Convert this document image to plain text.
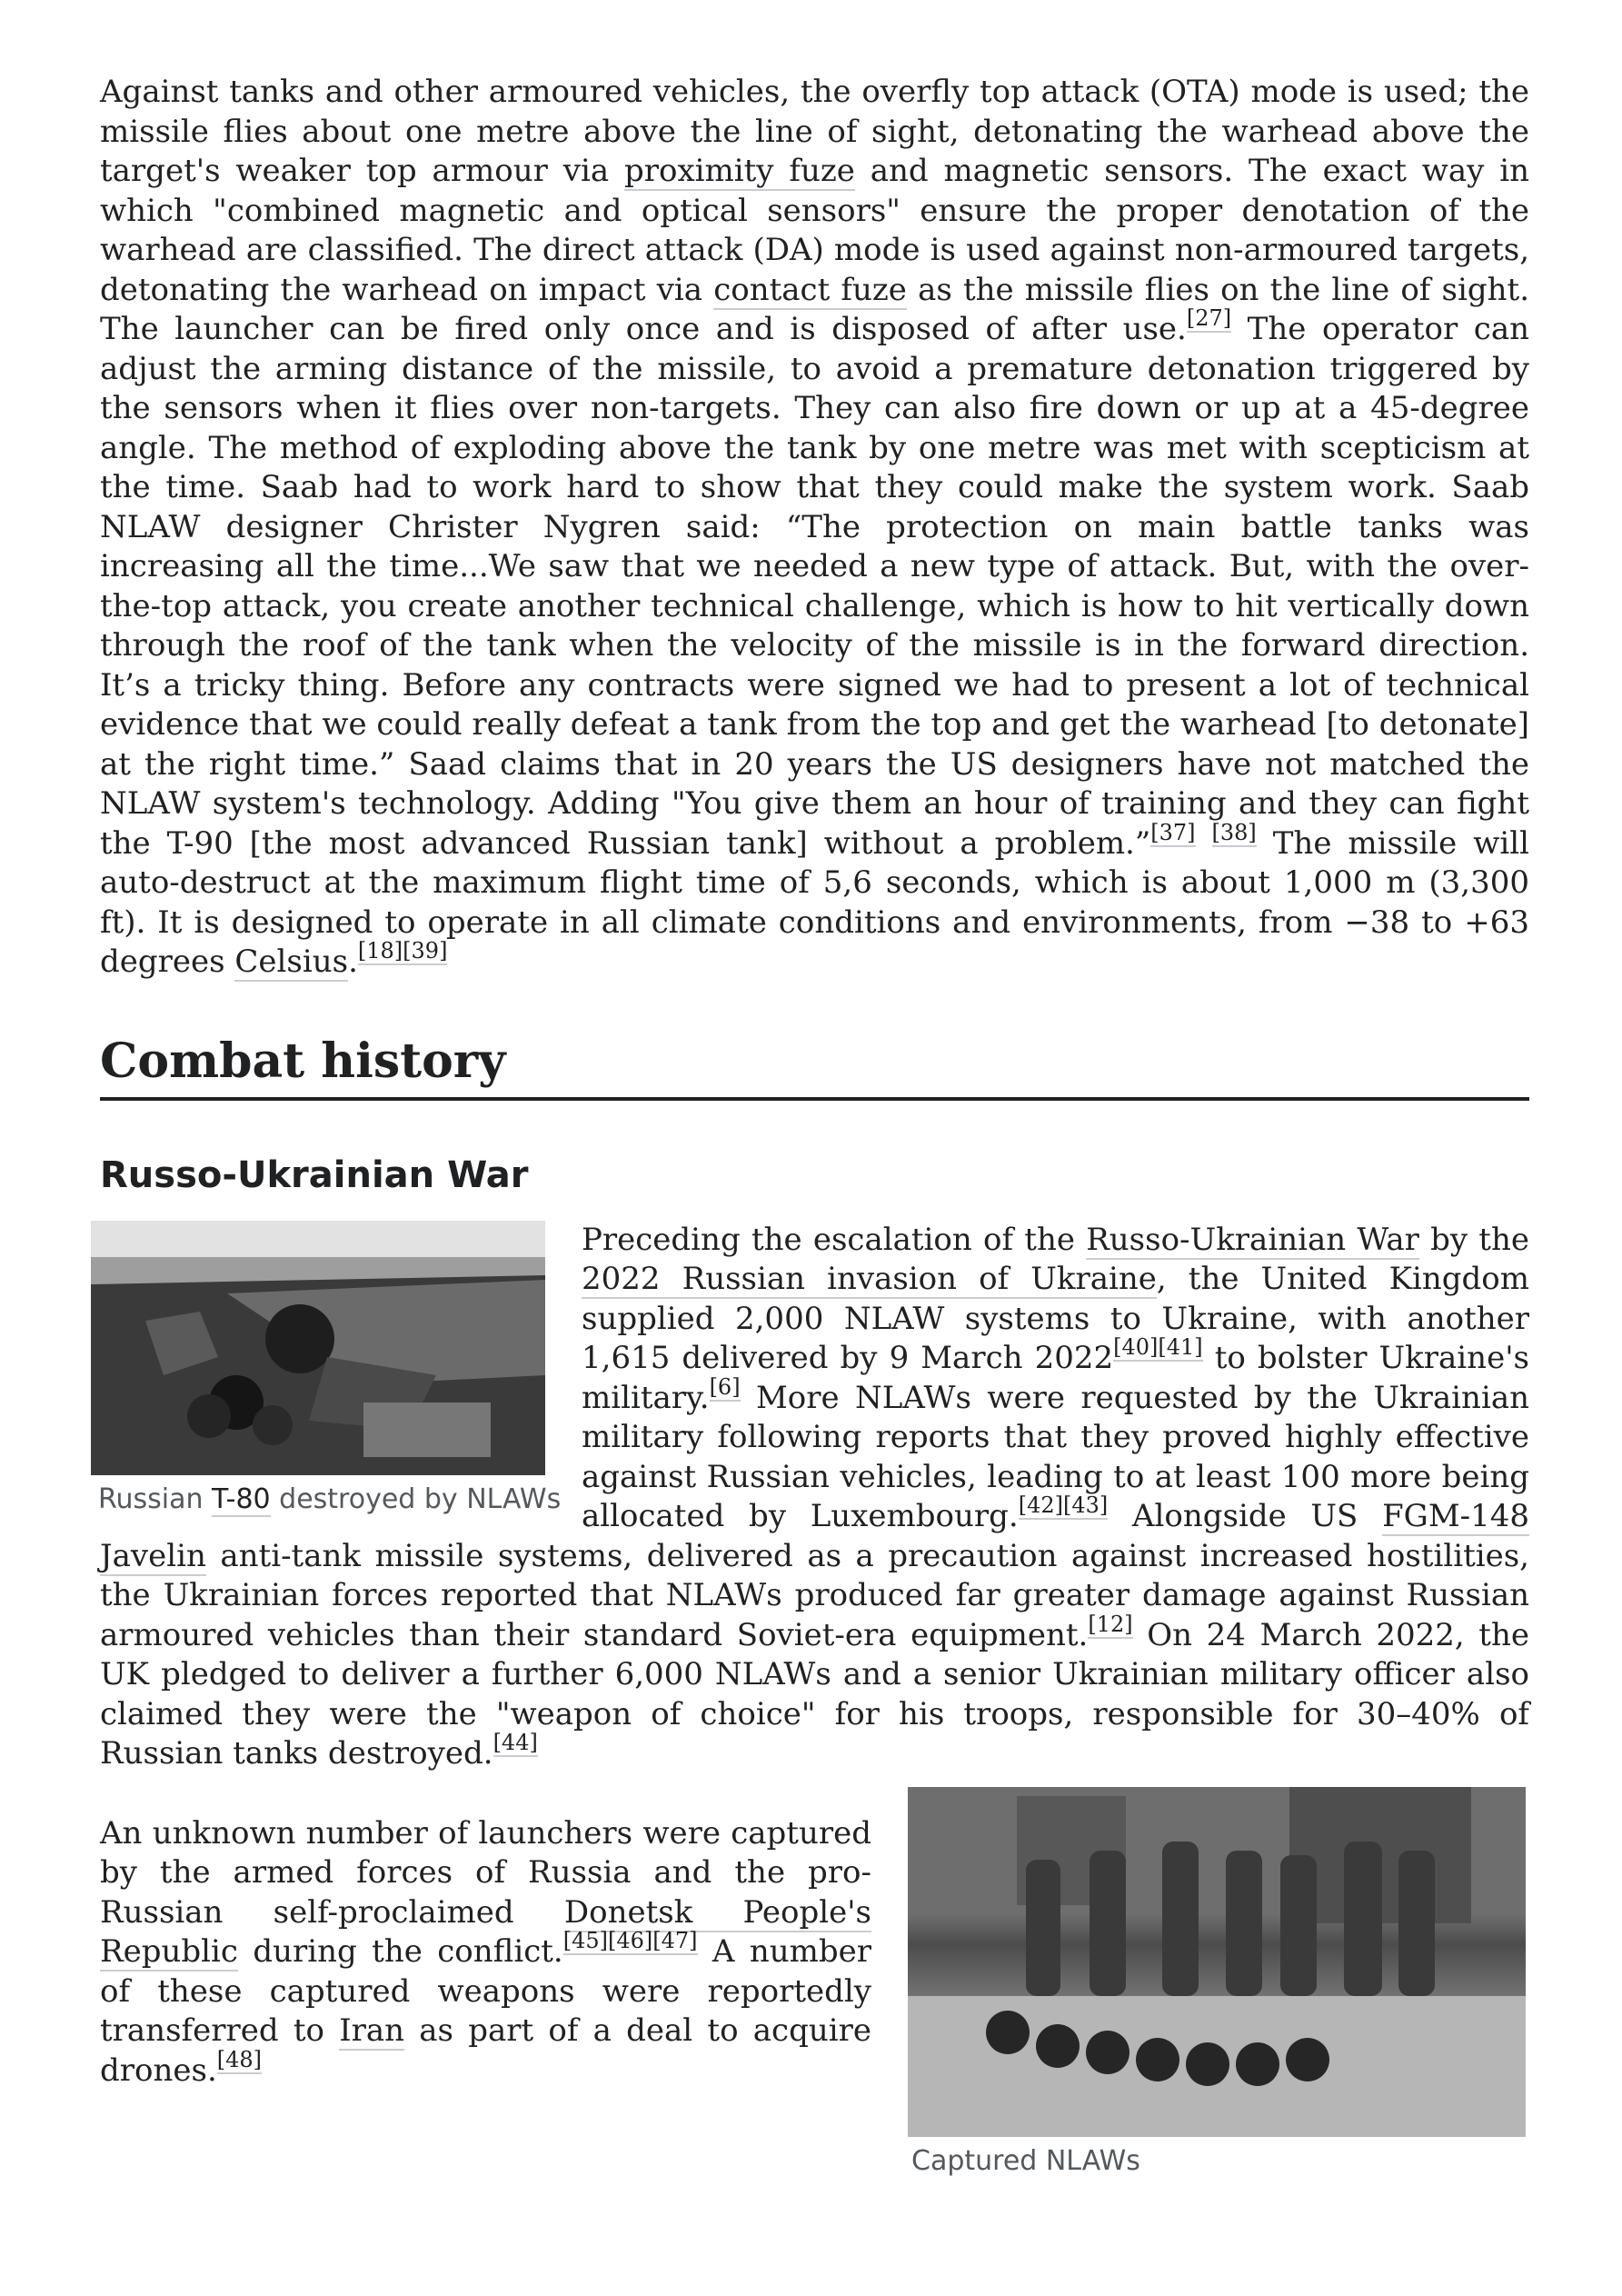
Against tanks and other armoured vehicles, the overfly top attack (OTA) mode is used; the missile flies about one metre above the line of sight, detonating the warhead above the target's weaker top armour via proximity fuze and magnetic sensors. The exact way in which "combined magnetic and optical sensors" ensure the proper denotation of the warhead are classified. The direct attack (DA) mode is used against non-armoured targets, detonating the warhead on impact via contact fuze as the missile flies on the line of sight. The launcher can be fired only once and is disposed of after use.[27] The operator can adjust the arming distance of the missile, to avoid a premature detonation triggered by the sensors when it flies over non-targets. They can also fire down or up at a 45-degree angle. The method of exploding above the tank by one metre was met with scepticism at the time. Saab had to work hard to show that they could make the system work. Saab NLAW designer Christer Nygren said: “The protection on main battle tanks was increasing all the time...We saw that we needed a new type of attack. But, with the over-the-top attack, you create another technical challenge, which is how to hit vertically down through the roof of the tank when the velocity of the missile is in the forward direction. It’s a tricky thing. Before any contracts were signed we had to present a lot of technical evidence that we could really defeat a tank from the top and get the warhead [to detonate] at the right time.” Saad claims that in 20 years the US designers have not matched the NLAW system's technology. Adding "You give them an hour of training and they can fight the T-90 [the most advanced Russian tank] without a problem.”[37] [38] The missile will auto-destruct at the maximum flight time of 5,6 seconds, which is about 1,000 m (3,300 ft). It is designed to operate in all climate conditions and environments, from −38 to +63 degrees Celsius.[18][39]

Combat history
Russo-Ukrainian War
Russian T-80 destroyed by NLAWs

Preceding the escalation of the Russo-Ukrainian War by the 2022 Russian invasion of Ukraine, the United Kingdom supplied 2,000 NLAW systems to Ukraine, with another 1,615 delivered by 9 March 2022[40][41] to bolster Ukraine's military.[6] More NLAWs were requested by the Ukrainian military following reports that they proved highly effective against Russian vehicles, leading to at least 100 more being allocated by Luxembourg.[42][43] Alongside US FGM-148 Javelin anti-tank missile systems, delivered as a precaution against increased hostilities, the Ukrainian forces reported that NLAWs produced far greater damage against Russian armoured vehicles than their standard Soviet-era equipment.[12] On 24 March 2022, the UK pledged to deliver a further 6,000 NLAWs and a senior Ukrainian military officer also claimed they were the "weapon of choice" for his troops, responsible for 30–40% of Russian tanks destroyed.[44]

Captured NLAWs

An unknown number of launchers were captured by the armed forces of Russia and the pro-Russian self-proclaimed Donetsk People's Republic during the conflict.[45][46][47] A number of these captured weapons were reportedly transferred to Iran as part of a deal to acquire drones.[48]
